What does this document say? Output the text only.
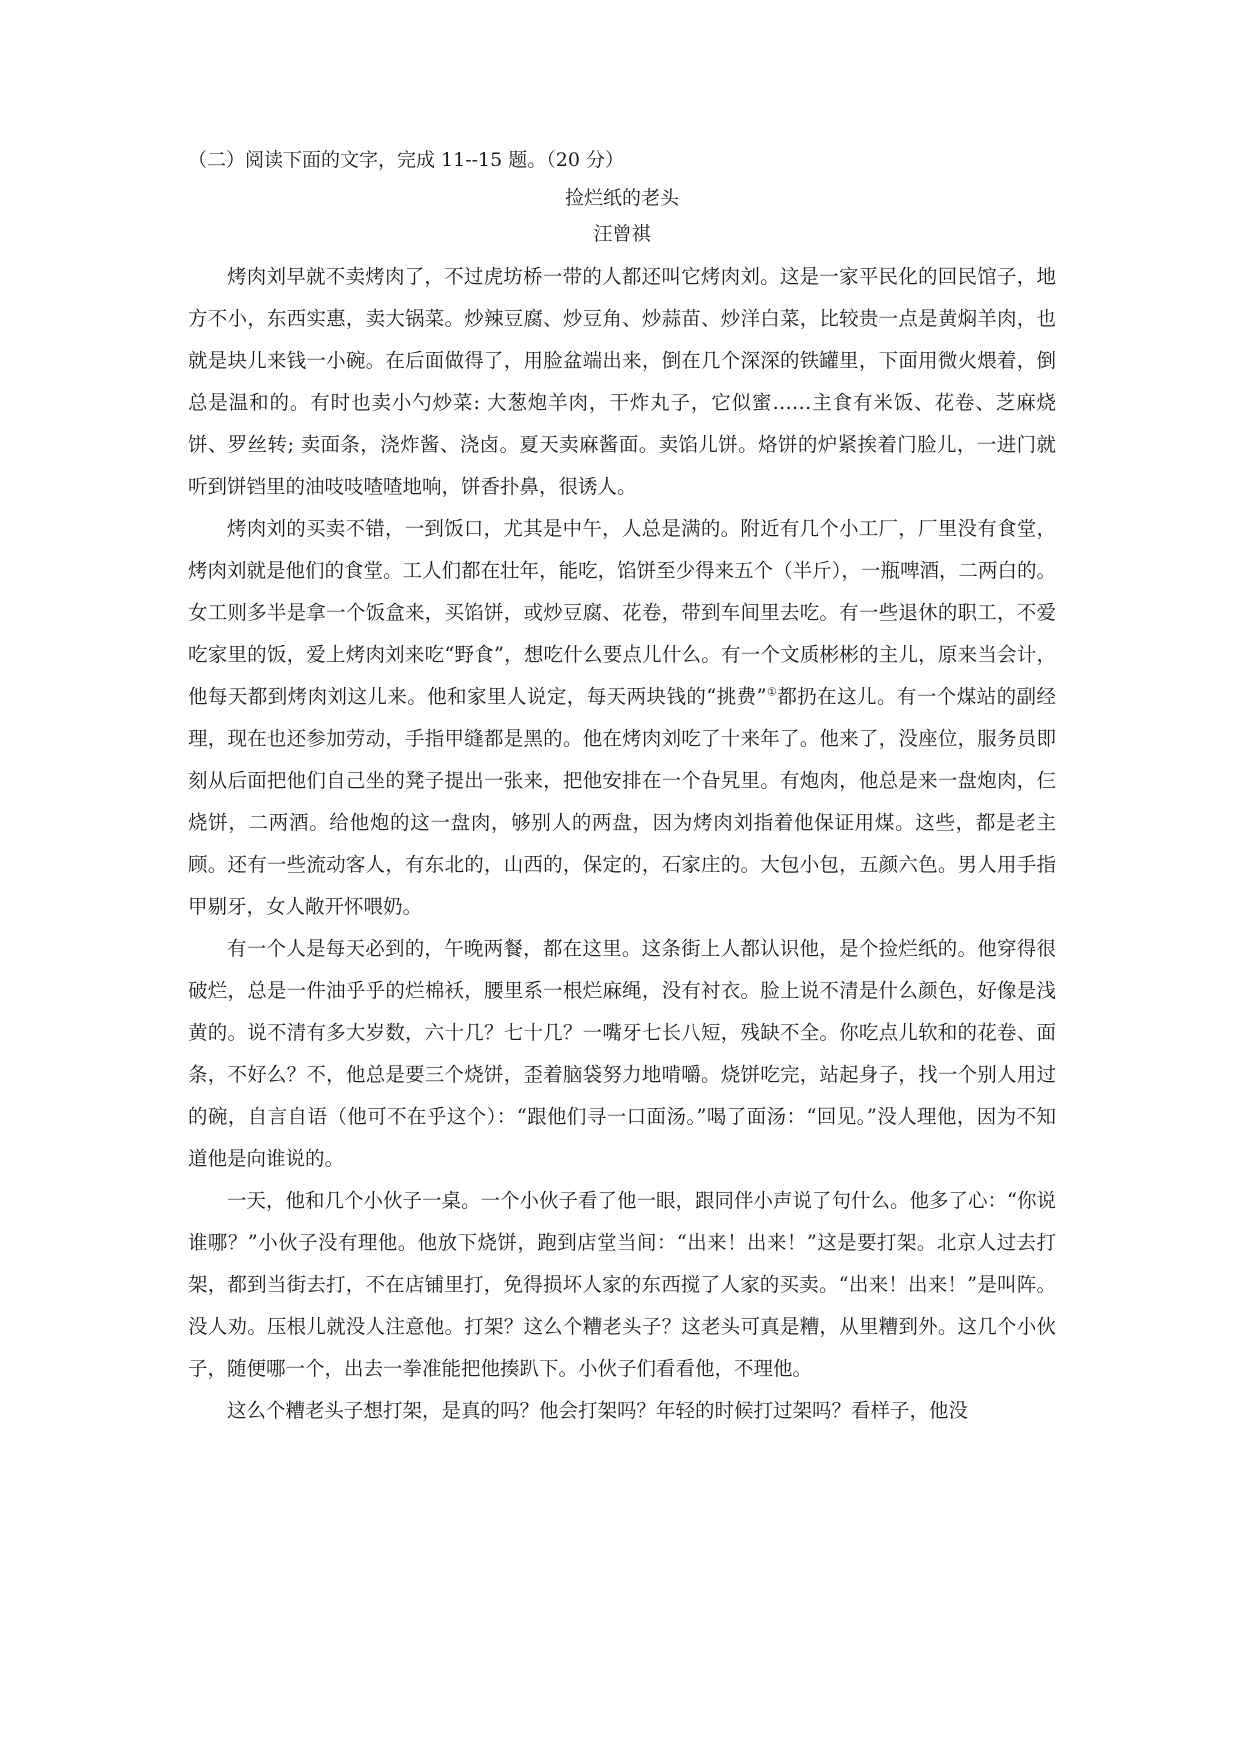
（二）阅读下面的文字，完成 11--15 题。（20 分）
捡烂纸的老头
汪曾祺

烤肉刘早就不卖烤肉了，不过虎坊桥一带的人都还叫它烤肉刘。这是一家平民化的回民馆子，地方不小，东西实惠，卖大锅菜。炒辣豆腐、炒豆角、炒蒜苗、炒洋白菜，比较贵一点是黄焖羊肉，也就是块儿来钱一小碗。在后面做得了，用脸盆端出来，倒在几个深深的铁罐里，下面用微火煨着，倒总是温和的。有时也卖小勺炒菜: 大葱炮羊肉，干炸丸子，它似蜜……主食有米饭、花卷、芝麻烧饼、罗丝转; 卖面条，浇炸酱、浇卤。夏天卖麻酱面。卖馅儿饼。烙饼的炉紧挨着门脸儿，一进门就听到饼铛里的油吱吱喳喳地响，饼香扑鼻，很诱人。

烤肉刘的买卖不错，一到饭口，尤其是中午，人总是满的。附近有几个小工厂，厂里没有食堂，烤肉刘就是他们的食堂。工人们都在壮年，能吃，馅饼至少得来五个（半斤），一瓶啤酒，二两白的。女工则多半是拿一个饭盒来，买馅饼，或炒豆腐、花卷，带到车间里去吃。有一些退休的职工，不爱吃家里的饭，爱上烤肉刘来吃“野食”，想吃什么要点儿什么。有一个文质彬彬的主儿，原来当会计，他每天都到烤肉刘这儿来。他和家里人说定，每天两块钱的“挑费”①都扔在这儿。有一个煤站的副经理，现在也还参加劳动，手指甲缝都是黑的。他在烤肉刘吃了十来年了。他来了，没座位，服务员即刻从后面把他们自己坐的凳子提出一张来，把他安排在一个旮旯里。有炮肉，他总是来一盘炮肉，仨烧饼，二两酒。给他炮的这一盘肉，够别人的两盘，因为烤肉刘指着他保证用煤。这些，都是老主顾。还有一些流动客人，有东北的，山西的，保定的，石家庄的。大包小包，五颜六色。男人用手指甲剔牙，女人敞开怀喂奶。

有一个人是每天必到的，午晚两餐，都在这里。这条街上人都认识他，是个捡烂纸的。他穿得很破烂，总是一件油乎乎的烂棉袄，腰里系一根烂麻绳，没有衬衣。脸上说不清是什么颜色，好像是浅黄的。说不清有多大岁数，六十几？七十几？一嘴牙七长八短，残缺不全。你吃点儿软和的花卷、面条，不好么？不，他总是要三个烧饼，歪着脑袋努力地啃嚼。烧饼吃完，站起身子，找一个别人用过的碗，自言自语（他可不在乎这个）：“跟他们寻一口面汤。”喝了面汤：“回见。”没人理他，因为不知道他是向谁说的。

一天，他和几个小伙子一桌。一个小伙子看了他一眼，跟同伴小声说了句什么。他多了心：“你说谁哪？”小伙子没有理他。他放下烧饼，跑到店堂当间：“出来！出来！”这是要打架。北京人过去打架，都到当街去打，不在店铺里打，免得损坏人家的东西搅了人家的买卖。“出来！出来！”是叫阵。没人劝。压根儿就没人注意他。打架？这么个糟老头子？这老头可真是糟，从里糟到外。这几个小伙子，随便哪一个，出去一拳准能把他揍趴下。小伙子们看看他，不理他。

这么个糟老头子想打架，是真的吗？他会打架吗？年轻的时候打过架吗？看样子，他没
